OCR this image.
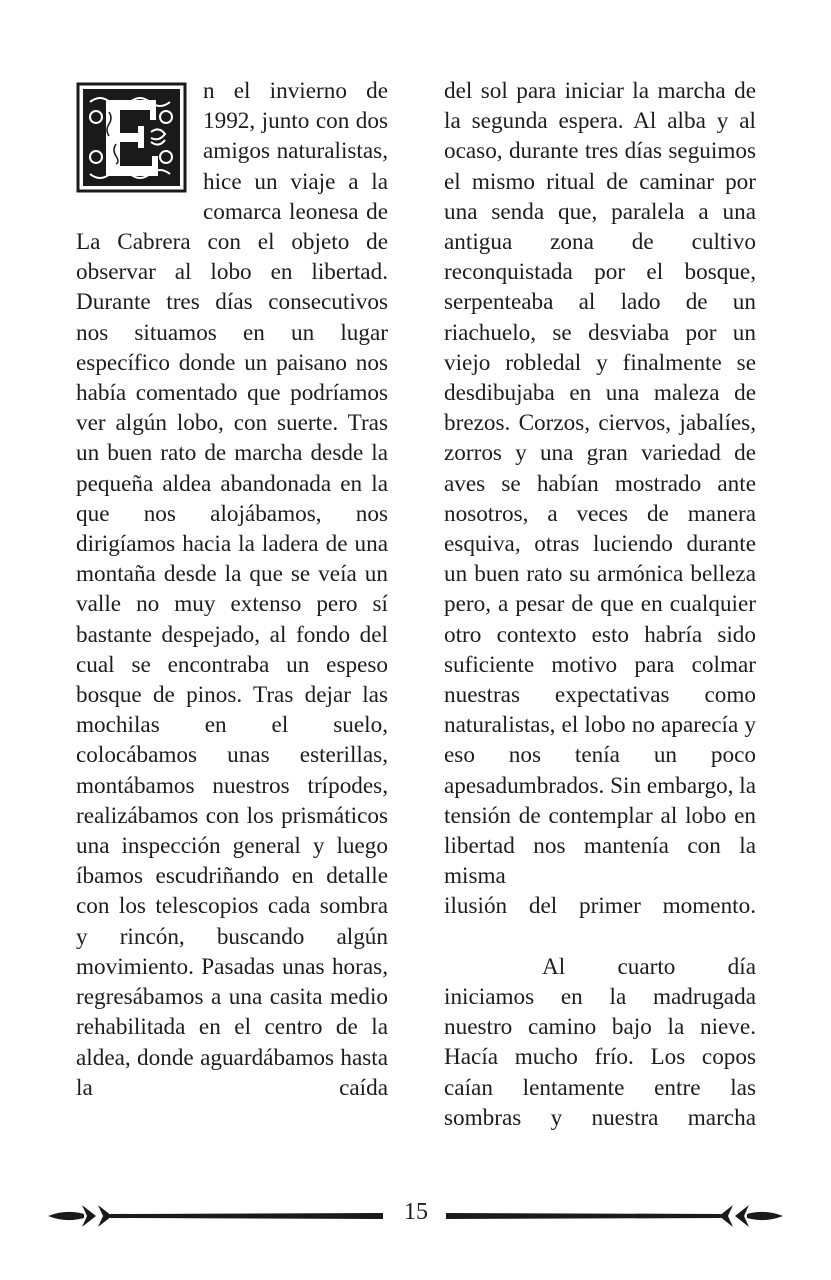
n el invierno de 1992, junto con dos amigos naturalistas, hice un viaje a la comarca leonesa de La Cabrera con el objeto de observar al lobo en libertad. Durante tres días consecutivos nos situamos en un lugar específico donde un paisano nos había comentado que podríamos ver algún lobo, con suerte. Tras un buen rato de marcha desde la pequeña aldea abandonada en la que nos alojábamos, nos dirigíamos hacia la ladera de una montaña desde la que se veía un valle no muy extenso pero sí bastante despejado, al fondo del cual se encontraba un espeso bosque de pinos. Tras dejar las mochilas en el suelo, colocábamos unas esterillas, montábamos nuestros trípodes, realizábamos con los prismáticos una inspección general y luego íbamos escudriñando en detalle con los telescopios cada sombra y rincón, buscando algún movimiento. Pasadas unas horas, regresábamos a una casita medio rehabilitada en el centro de la aldea, donde aguardábamos hasta la caída

del sol para iniciar la marcha de la segunda espera. Al alba y al ocaso, durante tres días seguimos el mismo ritual de caminar por una senda que, paralela a una antigua zona de cultivo reconquistada por el bosque, serpenteaba al lado de un riachuelo, se desviaba por un viejo robledal y finalmente se desdibujaba en una maleza de brezos. Corzos, ciervos, jabalíes, zorros y una gran variedad de aves se habían mostrado ante nosotros, a veces de manera esquiva, otras luciendo durante un buen rato su armónica belleza pero, a pesar de que en cualquier otro contexto esto habría sido suficiente motivo para colmar nuestras expectativas como naturalistas, el lobo no aparecía y eso nos tenía un poco apesadumbrados. Sin embargo, la tensión de contemplar al lobo en libertad nos mantenía con la misma
ilusión del primer momento.

Al cuarto día iniciamos en la madrugada nuestro camino bajo la nieve. Hacía mucho frío. Los copos caían lentamente entre las sombras y nuestra marcha

15
